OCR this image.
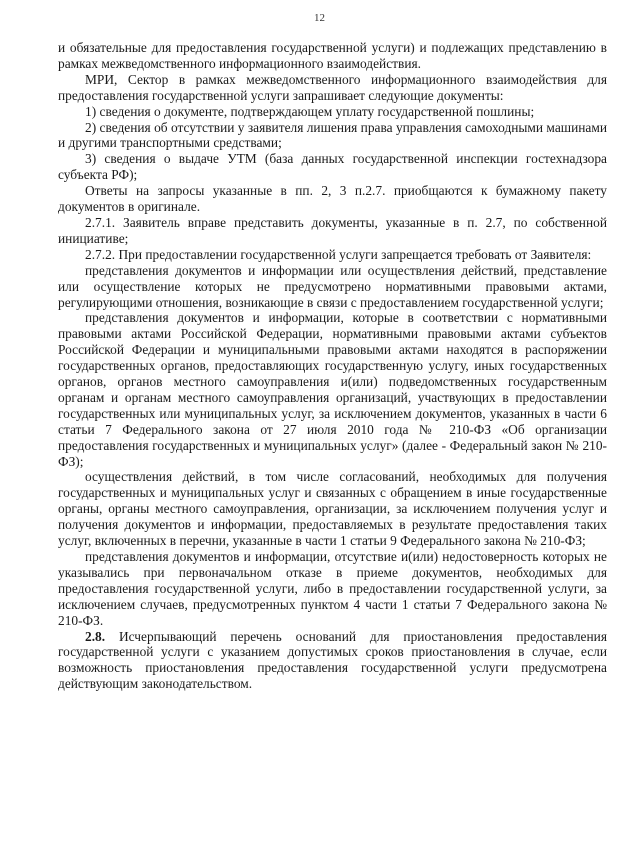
12

и обязательные для предоставления государственной услуги) и подлежащих представлению в рамках межведомственного информационного взаимодействия.

МРИ, Сектор в рамках межведомственного информационного взаимодействия для предоставления государственной услуги запрашивает следующие документы:

1) сведения о документе, подтверждающем уплату государственной пошлины;

2) сведения об отсутствии у заявителя лишения права управления самоходными машинами и другими транспортными средствами;

3) сведения о выдаче УТМ (база данных государственной инспекции гостехнадзора субъекта РФ);

Ответы на запросы указанные в пп. 2, 3 п.2.7. приобщаются к бумажному пакету документов в оригинале.

2.7.1. Заявитель вправе представить документы, указанные в п. 2.7, по собственной инициативе;

2.7.2. При предоставлении государственной услуги запрещается требовать от Заявителя:

представления документов и информации или осуществления действий, представление или осуществление которых не предусмотрено нормативными правовыми актами, регулирующими отношения, возникающие в связи с предоставлением государственной услуги;

представления документов и информации, которые в соответствии с нормативными правовыми актами Российской Федерации, нормативными правовыми актами субъектов Российской Федерации и муниципальными правовыми актами находятся в распоряжении государственных органов, предоставляющих государственную услугу, иных государственных органов, органов местного самоуправления и(или) подведомственных государственным органам и органам местного самоуправления организаций, участвующих в предоставлении государственных или муниципальных услуг, за исключением документов, указанных в части 6 статьи 7 Федерального закона от 27 июля 2010 года № 210-ФЗ «Об организации предоставления государственных и муниципальных услуг» (далее - Федеральный закон № 210-ФЗ);

осуществления действий, в том числе согласований, необходимых для получения государственных и муниципальных услуг и связанных с обращением в иные государственные органы, органы местного самоуправления, организации, за исключением получения услуг и получения документов и информации, предоставляемых в результате предоставления таких услуг, включенных в перечни, указанные в части 1 статьи 9 Федерального закона № 210-ФЗ;

представления документов и информации, отсутствие и(или) недостоверность которых не указывались при первоначальном отказе в приеме документов, необходимых для предоставления государственной услуги, либо в предоставлении государственной услуги, за исключением случаев, предусмотренных пунктом 4 части 1 статьи 7 Федерального закона № 210-ФЗ.

2.8. Исчерпывающий перечень оснований для приостановления предоставления государственной услуги с указанием допустимых сроков приостановления в случае, если возможность приостановления предоставления государственной услуги предусмотрена действующим законодательством.
